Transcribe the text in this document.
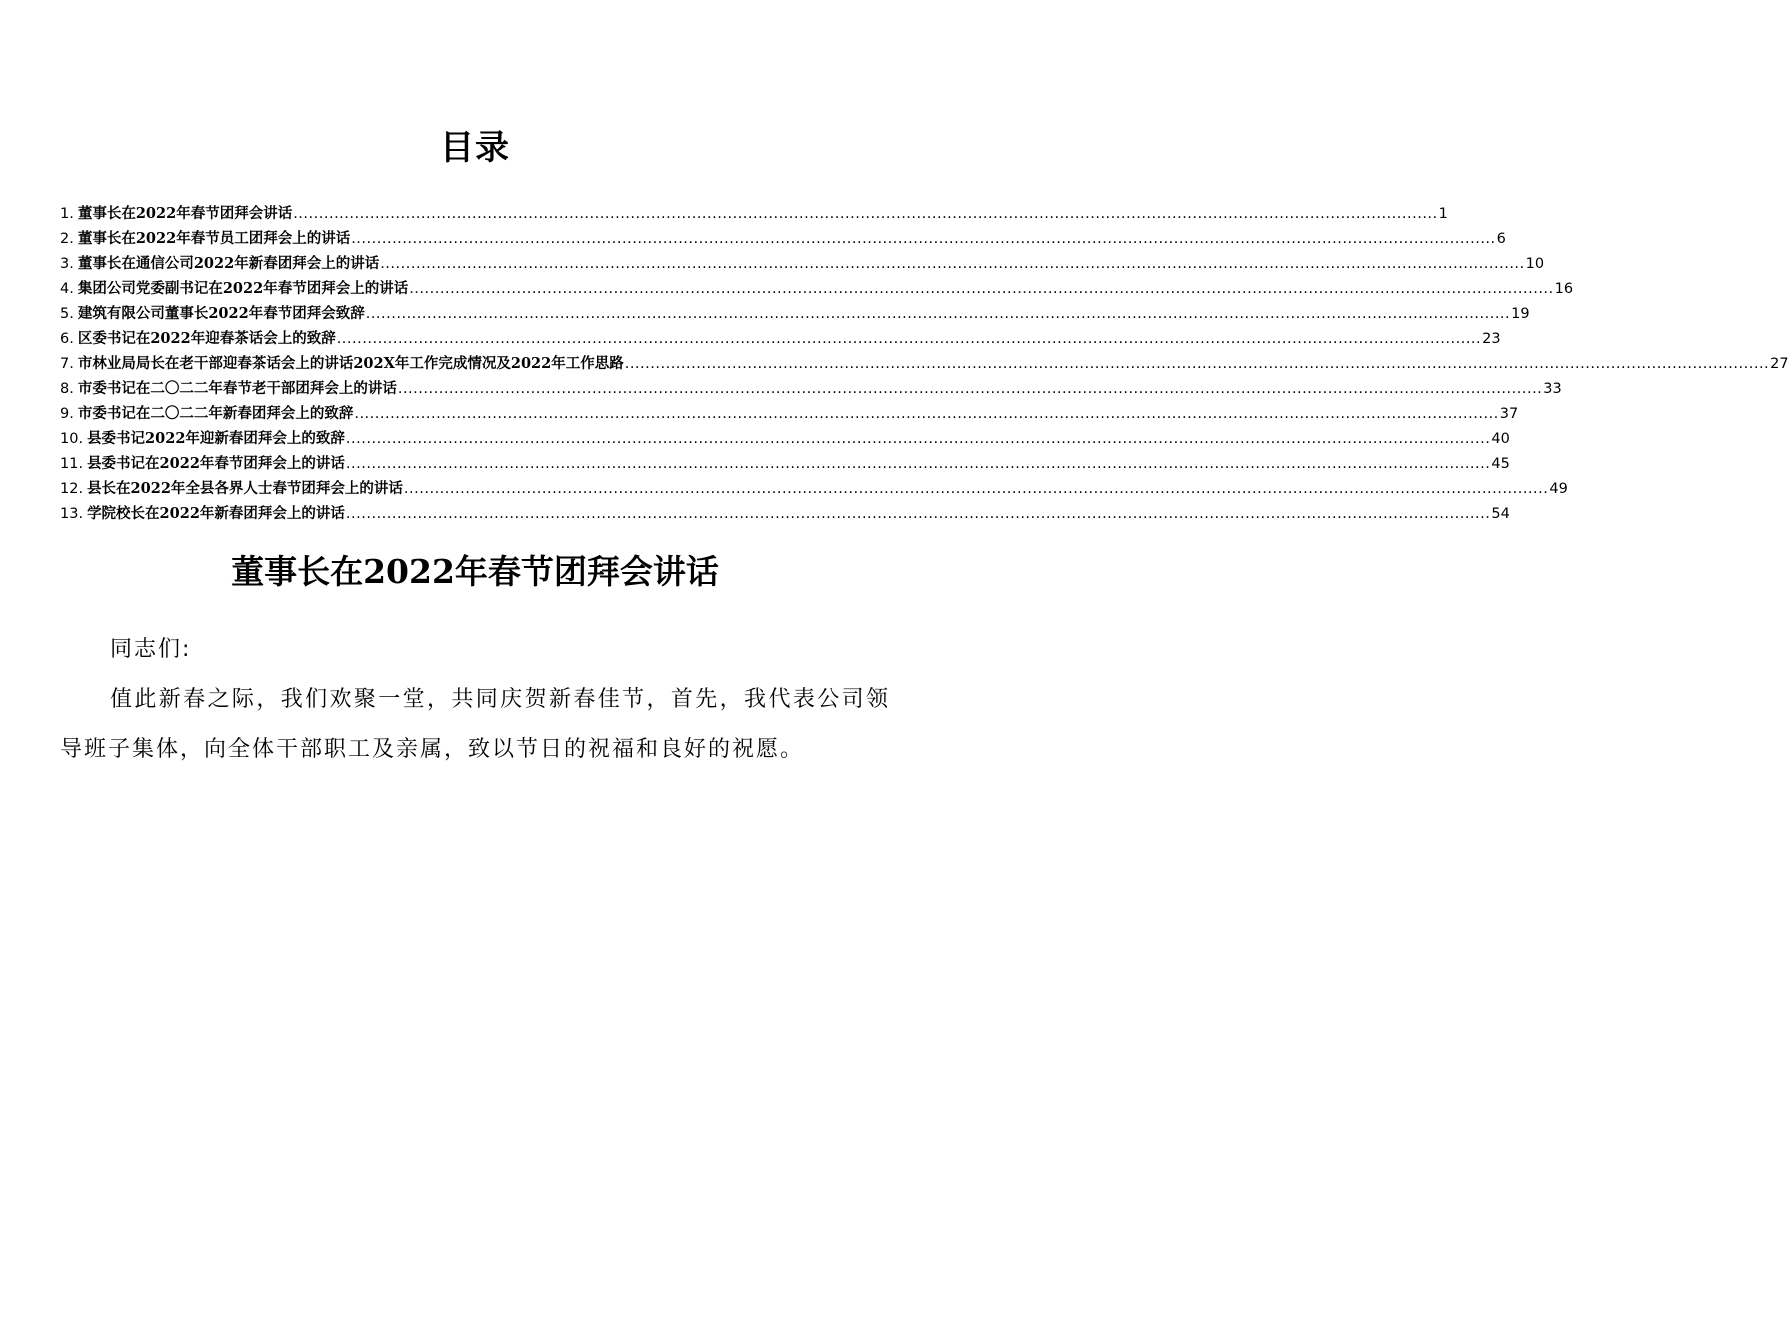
目录
1 . 董事长在2022年春节团拜会讲话 .....	1
2 . 董事长在2022年春节员工团拜会上的讲话 .....	6
3 . 董事长在通信公司2022年新春团拜会上的讲话 .....	10
4 . 集团公司党委副书记在2022年春节团拜会上的讲话 .....	16
5 . 建筑有限公司董事长2022年春节团拜会致辞 .....	19
6 . 区委书记在2022年迎春茶话会上的致辞 .....	23
7 . 市林业局局长在老干部迎春茶话会上的讲话202X年工作完成情况及2022年工作思路 .....	27
8 . 市委书记在二〇二二年春节老干部团拜会上的讲话 .....	33
9 . 市委书记在二〇二二年新春团拜会上的致辞 .....	37
10 . 县委书记2022年迎新春团拜会上的致辞 .....	40
11 . 县委书记在2022年春节团拜会上的讲话 .....	45
12 . 县长在2022年全县各界人士春节团拜会上的讲话 .....	49
13 . 学院校长在2022年新春团拜会上的讲话 .....	54
董事长在2022年春节团拜会讲话

同志们:

值此新春之际，我们欢聚一堂，共同庆贺新春佳节，首先，我代表公司领导班子集体，向全体干部职工及亲属，致以节日的祝福和良好的祝愿。
